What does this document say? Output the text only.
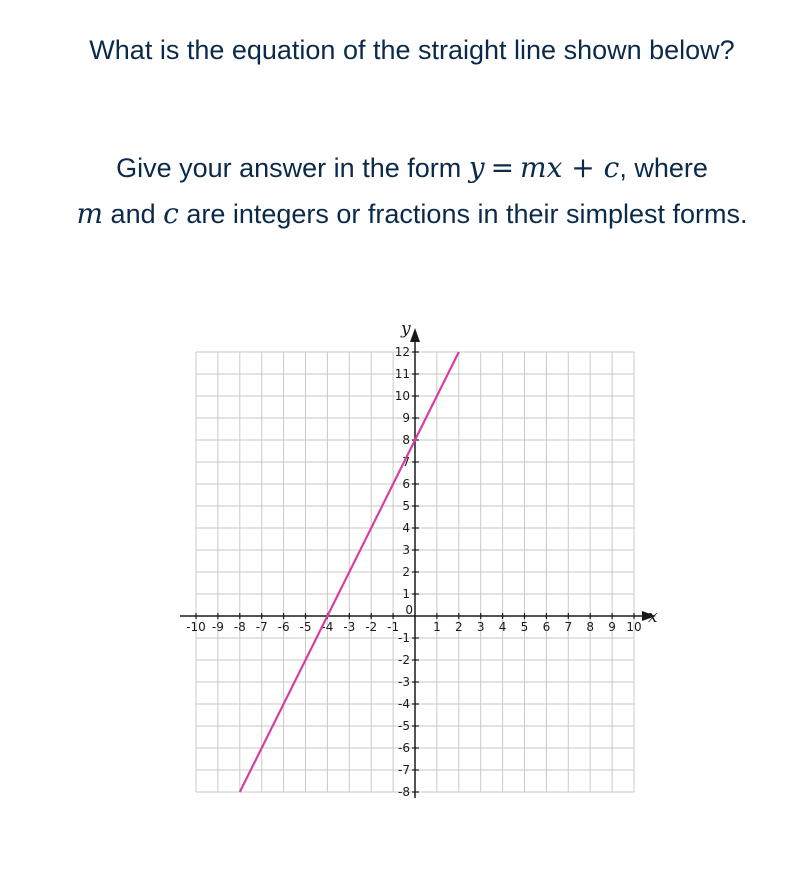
What is the equation of the straight line shown below?
Give your answer in the form y = mx + c, where
m and c are integers or fractions in their simplest forms.
x
y
-10 -9 -8 -7 -6 -5 -4 -3 -2 -1	1 2 3 4 5 6 7 8 9 10
-8
-7
-6
-5
-4
-3
-2
-1
1
2
3
4
5
6
7
8
9
10
11
12
0
